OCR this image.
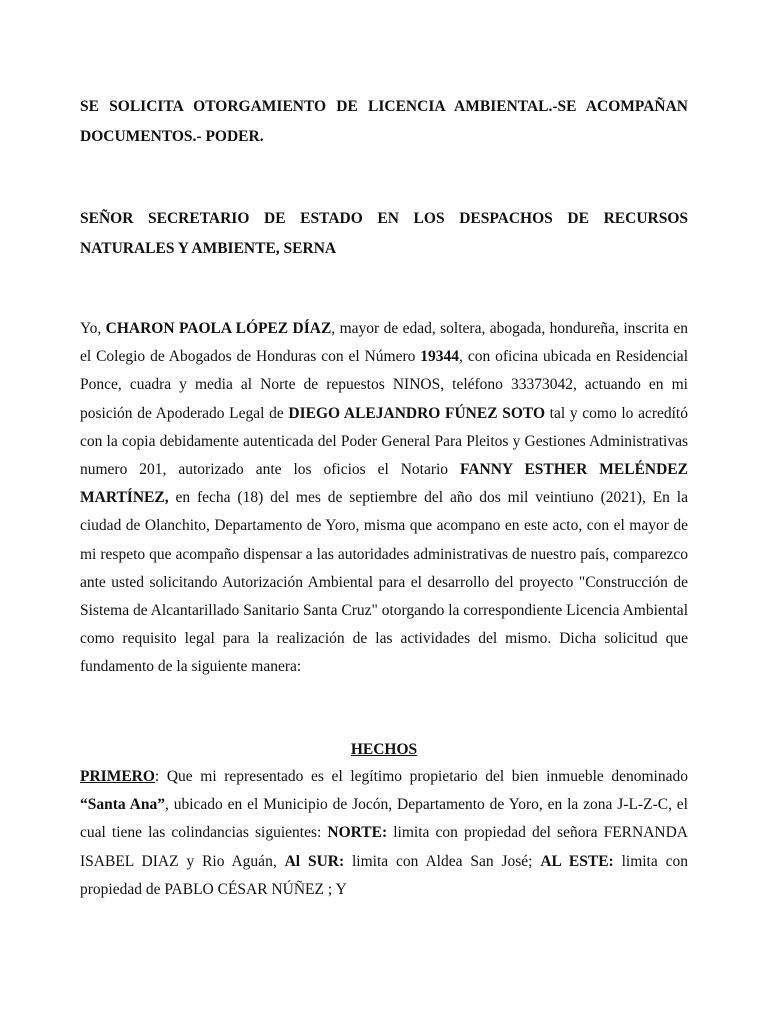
SE SOLICITA OTORGAMIENTO DE LICENCIA AMBIENTAL.-SE ACOMPAÑAN DOCUMENTOS.- PODER.
SEÑOR SECRETARIO DE ESTADO EN LOS DESPACHOS DE RECURSOS NATURALES Y AMBIENTE, SERNA
Yo, CHARON PAOLA LÓPEZ DÍAZ, mayor de edad, soltera, abogada, hondureña, inscrita en el Colegio de Abogados de Honduras con el Número 19344, con oficina ubicada en Residencial Ponce, cuadra y media al Norte de repuestos NINOS, teléfono 33373042, actuando en mi posición de Apoderado Legal de DIEGO ALEJANDRO FÚNEZ SOTO tal y como lo acredító con la copia debidamente autenticada del Poder General Para Pleitos y Gestiones Administrativas numero 201, autorizado ante los oficios el Notario FANNY ESTHER MELÉNDEZ MARTÍNEZ, en fecha (18) del mes de septiembre del año dos mil veintiuno (2021), En la ciudad de Olanchito, Departamento de Yoro, misma que acompano en este acto, con el mayor de mi respeto que acompaño dispensar a las autoridades administrativas de nuestro país, comparezco ante usted solicitando Autorización Ambiental para el desarrollo del proyecto "Construcción de Sistema de Alcantarillado Sanitario Santa Cruz" otorgando la correspondiente Licencia Ambiental como requisito legal para la realización de las actividades del mismo. Dicha solicitud que fundamento de la siguiente manera:
HECHOS
PRIMERO: Que mi representado es el legítimo propietario del bien inmueble denominado “Santa Ana”, ubicado en el Municipio de Jocón, Departamento de Yoro, en la zona J-L-Z-C, el cual tiene las colindancias siguientes: NORTE: limita con propiedad del señora FERNANDA ISABEL DIAZ y Rio Aguán, Al SUR: limita con Aldea San José; AL ESTE: limita con propiedad de PABLO CÉSAR NÚÑEZ ; Y
